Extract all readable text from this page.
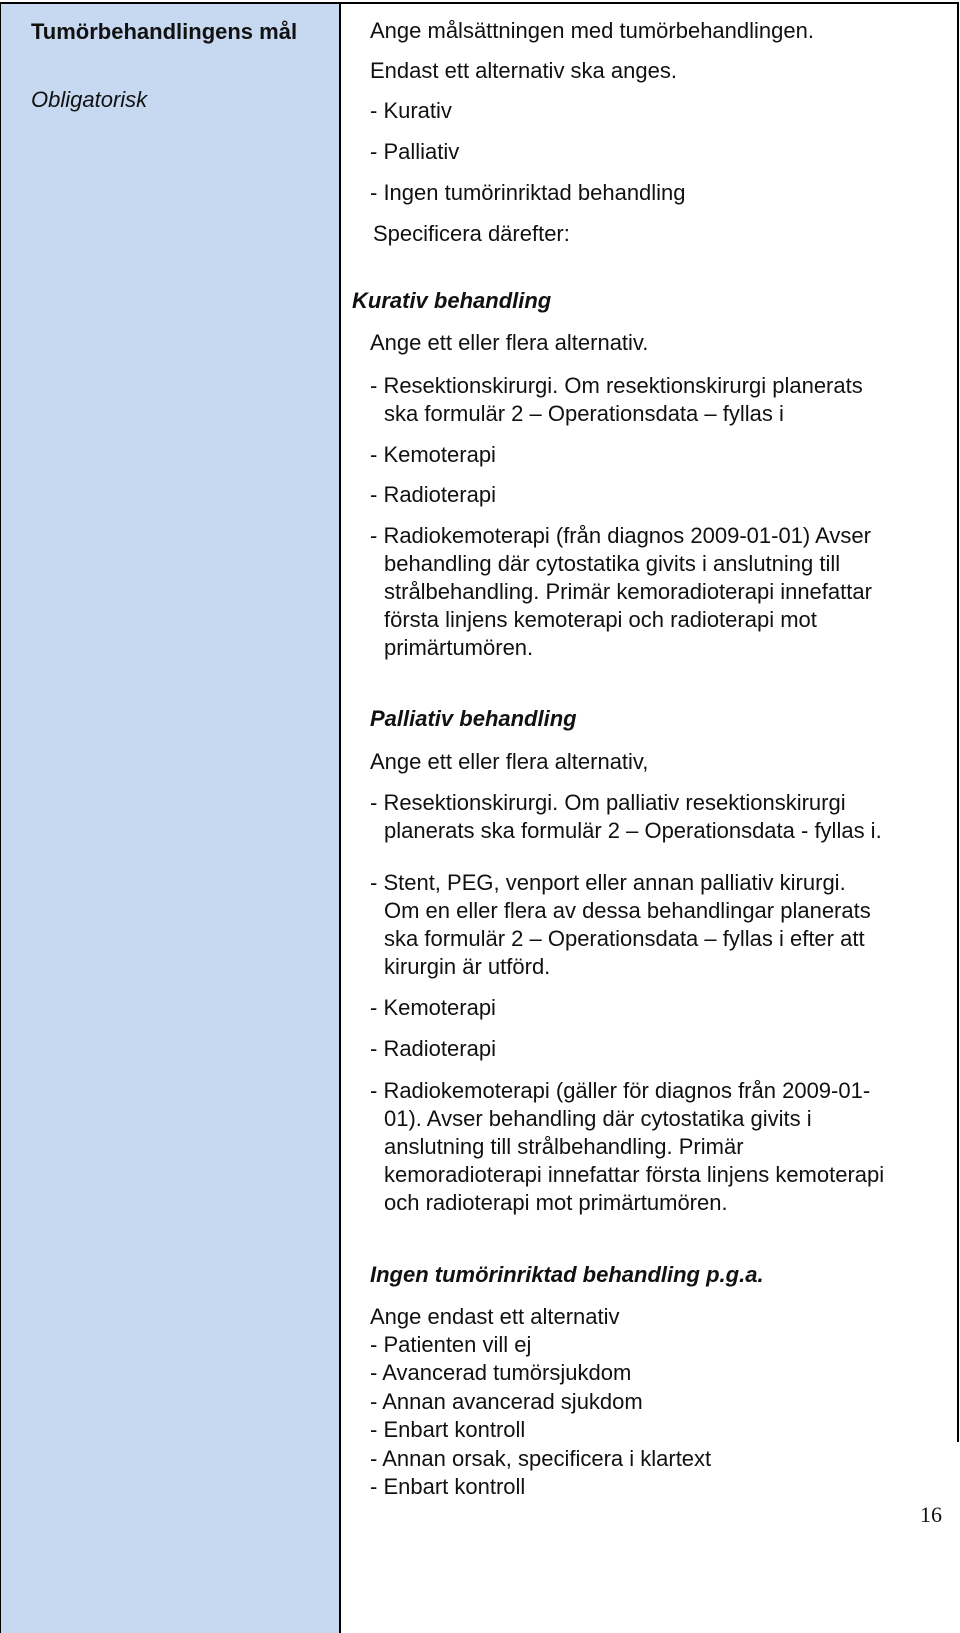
Tumörbehandlingens mål
Obligatorisk
Ange målsättningen med tumörbehandlingen.
Endast ett alternativ ska anges.
- Kurativ
- Palliativ
- Ingen tumörinriktad behandling
Specificera därefter:
Kurativ behandling
Ange ett eller flera alternativ.
- Resektionskirurgi. Om resektionskirurgi planerats
ska formulär 2 – Operationsdata – fyllas i
- Kemoterapi
- Radioterapi
- Radiokemoterapi (från diagnos 2009-01-01) Avser
behandling där cytostatika givits i anslutning till
strålbehandling. Primär kemoradioterapi innefattar
första linjens kemoterapi och radioterapi mot
primärtumören.
Palliativ behandling
Ange ett eller flera alternativ,
- Resektionskirurgi. Om palliativ resektionskirurgi
planerats ska formulär 2 – Operationsdata - fyllas i.
- Stent, PEG, venport eller annan palliativ kirurgi.
Om en eller flera av dessa behandlingar planerats
ska formulär 2 – Operationsdata – fyllas i efter att
kirurgin är utförd.
- Kemoterapi
- Radioterapi
- Radiokemoterapi (gäller för diagnos från 2009-01-
01). Avser behandling där cytostatika givits i
anslutning till strålbehandling. Primär
kemoradioterapi innefattar första linjens kemoterapi
och radioterapi mot primärtumören.
Ingen tumörinriktad behandling p.g.a.
Ange endast ett alternativ
- Patienten vill ej
- Avancerad tumörsjukdom
- Annan avancerad sjukdom
- Enbart kontroll
- Annan orsak, specificera i klartext
- Enbart kontroll
16
